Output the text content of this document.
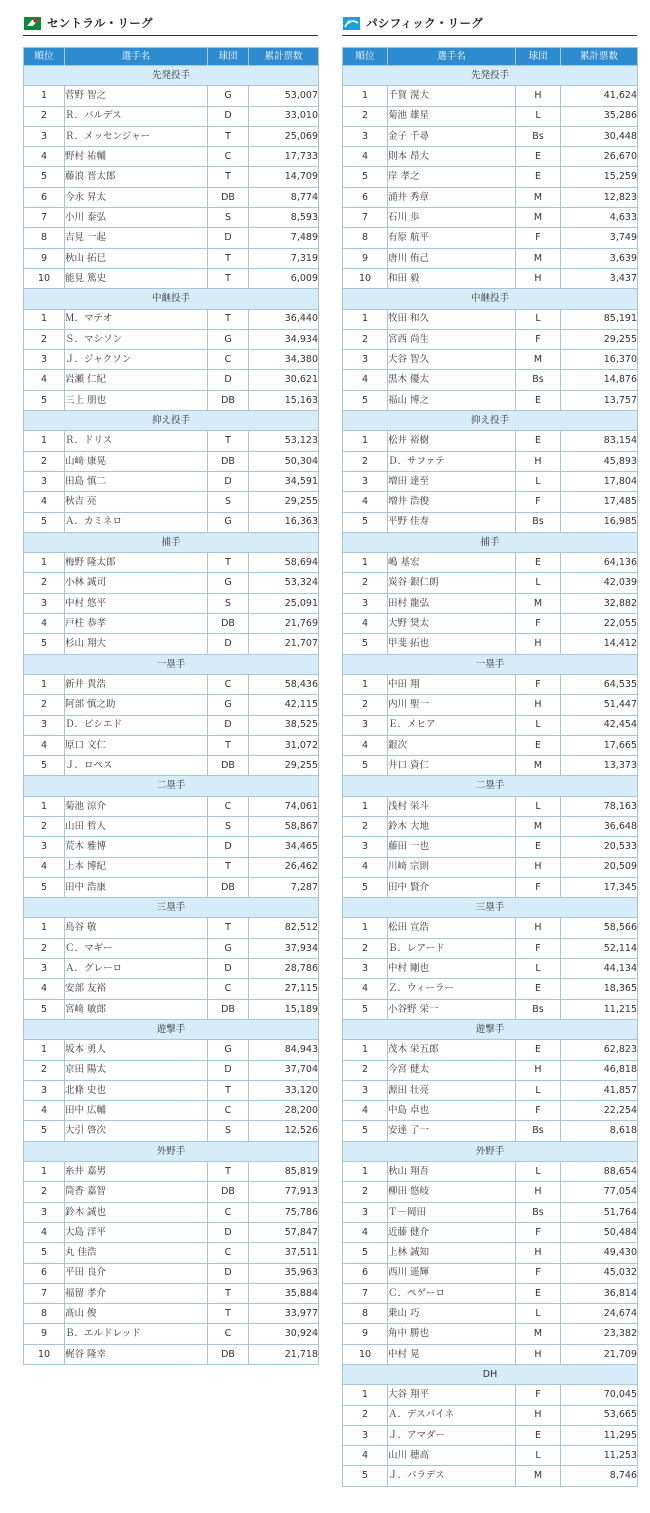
セントラル・リーグ
順位	選手名	球団	累計票数
先発投手			
1	菅野 智之	G	53,007
2	Ｒ．バルデス	D	33,010
3	Ｒ．メッセンジャー	T	25,069
4	野村 祐輔	C	17,733
5	藤浪 晋太郎	T	14,709
6	今永 昇太	DB	8,774
7	小川 泰弘	S	8,593
8	吉見 一起	D	7,489
9	秋山 拓巳	T	7,319
10	能見 篤史	T	6,009
中継投手			
1	Ｍ．マテオ	T	36,440
2	Ｓ．マシソン	G	34,934
3	Ｊ．ジャクソン	C	34,380
4	岩瀬 仁紀	D	30,621
5	三上 朋也	DB	15,163
抑え投手			
1	Ｒ．ドリス	T	53,123
2	山﨑 康晃	DB	50,304
3	田島 慎二	D	34,591
4	秋吉 亮	S	29,255
5	Ａ．カミネロ	G	16,363
捕手			
1	梅野 隆太郎	T	58,694
2	小林 誠司	G	53,324
3	中村 悠平	S	25,091
4	戸柱 恭孝	DB	21,769
5	杉山 翔大	D	21,707
一塁手			
1	新井 貴浩	C	58,436
2	阿部 慎之助	G	42,115
3	Ｄ．ビシエド	D	38,525
4	原口 文仁	T	31,072
5	Ｊ．ロペス	DB	29,255
二塁手			
1	菊池 涼介	C	74,061
2	山田 哲人	S	58,867
3	荒木 雅博	D	34,465
4	上本 博紀	T	26,462
5	田中 浩康	DB	7,287
三塁手			
1	鳥谷 敬	T	82,512
2	Ｃ．マギー	G	37,934
3	Ａ．グレーロ	D	28,786
4	安部 友裕	C	27,115
5	宮﨑 敏郎	DB	15,189
遊撃手			
1	坂本 勇人	G	84,943
2	京田 陽太	D	37,704
3	北條 史也	T	33,120
4	田中 広輔	C	28,200
5	大引 啓次	S	12,526
外野手			
1	糸井 嘉男	T	85,819
2	筒香 嘉智	DB	77,913
3	鈴木 誠也	C	75,786
4	大島 洋平	D	57,847
5	丸 佳浩	C	37,511
6	平田 良介	D	35,963
7	福留 孝介	T	35,884
8	髙山 俊	T	33,977
9	Ｂ．エルドレッド	C	30,924
10	梶谷 隆幸	DB	21,718
パシフィック・リーグ
順位	選手名	球団	累計票数
先発投手			
1	千賀 滉大	H	41,624
2	菊池 雄星	L	35,286
3	金子 千尋	Bs	30,448
4	則本 昂大	E	26,670
5	岸 孝之	E	15,259
6	涌井 秀章	M	12,823
7	石川 歩	M	4,633
8	有原 航平	F	3,749
9	唐川 侑己	M	3,639
10	和田 毅	H	3,437
中継投手			
1	牧田 和久	L	85,191
2	宮西 尚生	F	29,255
3	大谷 智久	M	16,370
4	黒木 優太	Bs	14,876
5	福山 博之	E	13,757
抑え投手			
1	松井 裕樹	E	83,154
2	Ｄ．サファテ	H	45,893
3	増田 達至	L	17,804
4	増井 浩俊	F	17,485
5	平野 佳寿	Bs	16,985
捕手			
1	嶋 基宏	E	64,136
2	炭谷 銀仁朗	L	42,039
3	田村 龍弘	M	32,882
4	大野 奨太	F	22,055
5	甲斐 拓也	H	14,412
一塁手			
1	中田 翔	F	64,535
2	内川 聖一	H	51,447
3	Ｅ．メヒア	L	42,454
4	銀次	E	17,665
5	井口 資仁	M	13,373
二塁手			
1	浅村 栄斗	L	78,163
2	鈴木 大地	M	36,648
3	藤田 一也	E	20,533
4	川﨑 宗則	H	20,509
5	田中 賢介	F	17,345
三塁手			
1	松田 宣浩	H	58,566
2	Ｂ．レアード	F	52,114
3	中村 剛也	L	44,134
4	Ｚ．ウィーラー	E	18,365
5	小谷野 栄一	Bs	11,215
遊撃手			
1	茂木 栄五郎	E	62,823
2	今宮 健太	H	46,818
3	源田 壮亮	L	41,857
4	中島 卓也	F	22,254
5	安達 了一	Bs	8,618
外野手			
1	秋山 翔吾	L	88,654
2	柳田 悠岐	H	77,054
3	Ｔ－岡田	Bs	51,764
4	近藤 健介	F	50,484
5	上林 誠知	H	49,430
6	西川 遥輝	F	45,032
7	Ｃ．ペゲーロ	E	36,814
8	乗山 巧	L	24,674
9	角中 勝也	M	23,382
10	中村 晃	H	21,709
DH			
1	大谷 翔平	F	70,045
2	Ａ．デスパイネ	H	53,665
3	Ｊ．アマダー	E	11,295
4	山川 穂高	L	11,253
5	Ｊ．パラデス	M	8,746
